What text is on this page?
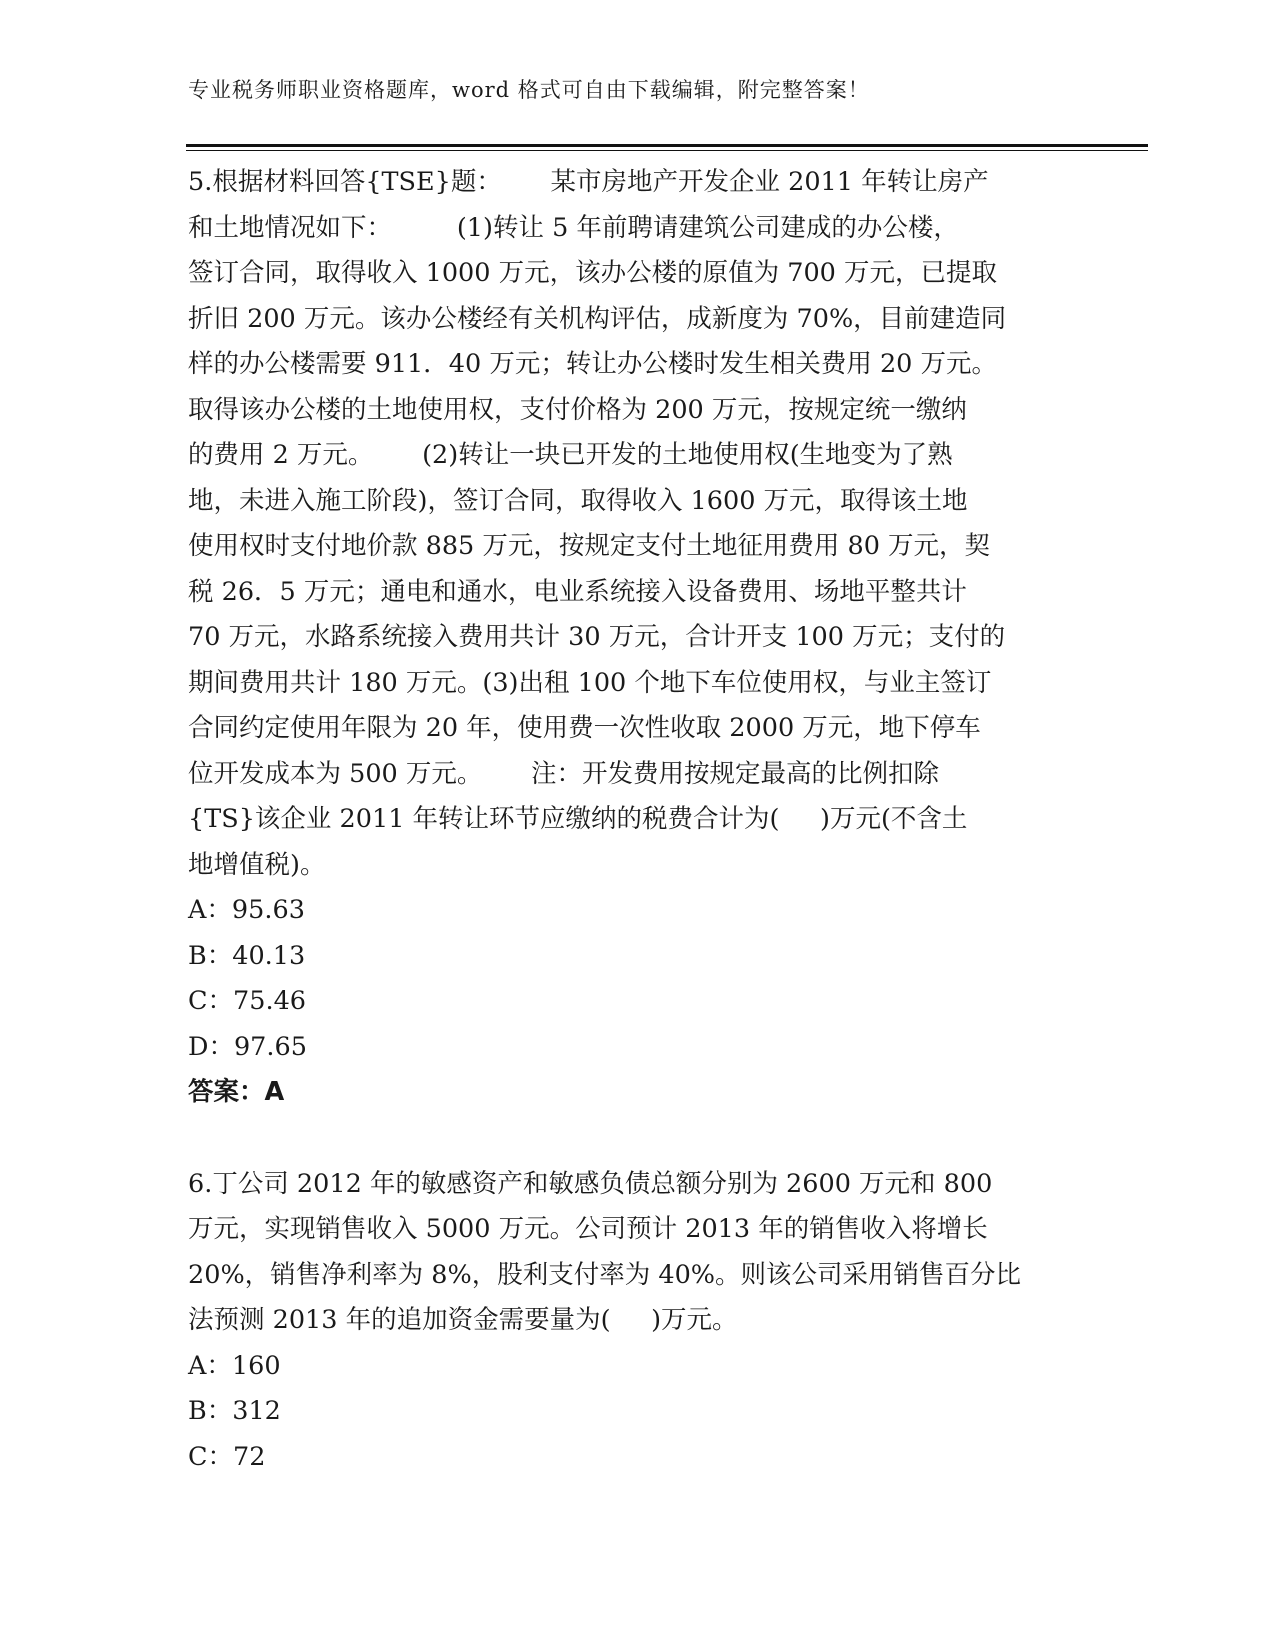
专业税务师职业资格题库，word 格式可自由下载编辑，附完整答案！
5.根据材料回答{TSE}题：      某市房地产开发企业 2011 年转让房产
和土地情况如下：        (1)转让 5 年前聘请建筑公司建成的办公楼，
签订合同，取得收入 1000 万元，该办公楼的原值为 700 万元，已提取
折旧 200 万元。该办公楼经有关机构评估，成新度为 70%，目前建造同
样的办公楼需要 911．40 万元；转让办公楼时发生相关费用 20 万元。
取得该办公楼的土地使用权，支付价格为 200 万元，按规定统一缴纳
的费用 2 万元。      (2)转让一块已开发的土地使用权(生地变为了熟
地，未进入施工阶段)，签订合同，取得收入 1600 万元，取得该土地
使用权时支付地价款 885 万元，按规定支付土地征用费用 80 万元，契
税 26．5 万元；通电和通水，电业系统接入设备费用、场地平整共计
70 万元，水路系统接入费用共计 30 万元，合计开支 100 万元；支付的
期间费用共计 180 万元。(3)出租 100 个地下车位使用权，与业主签订
合同约定使用年限为 20 年，使用费一次性收取 2000 万元，地下停车
位开发成本为 500 万元。      注：开发费用按规定最高的比例扣除
{TS}该企业 2011 年转让环节应缴纳的税费合计为(     )万元(不含土
地增值税)。
A：95.63
B：40.13
C：75.46
D：97.65
答案：A
6.丁公司 2012 年的敏感资产和敏感负债总额分别为 2600 万元和 800
万元，实现销售收入 5000 万元。公司预计 2013 年的销售收入将增长
20%，销售净利率为 8%，股利支付率为 40%。则该公司采用销售百分比
法预测 2013 年的追加资金需要量为(     )万元。
A：160
B：312
C：72
